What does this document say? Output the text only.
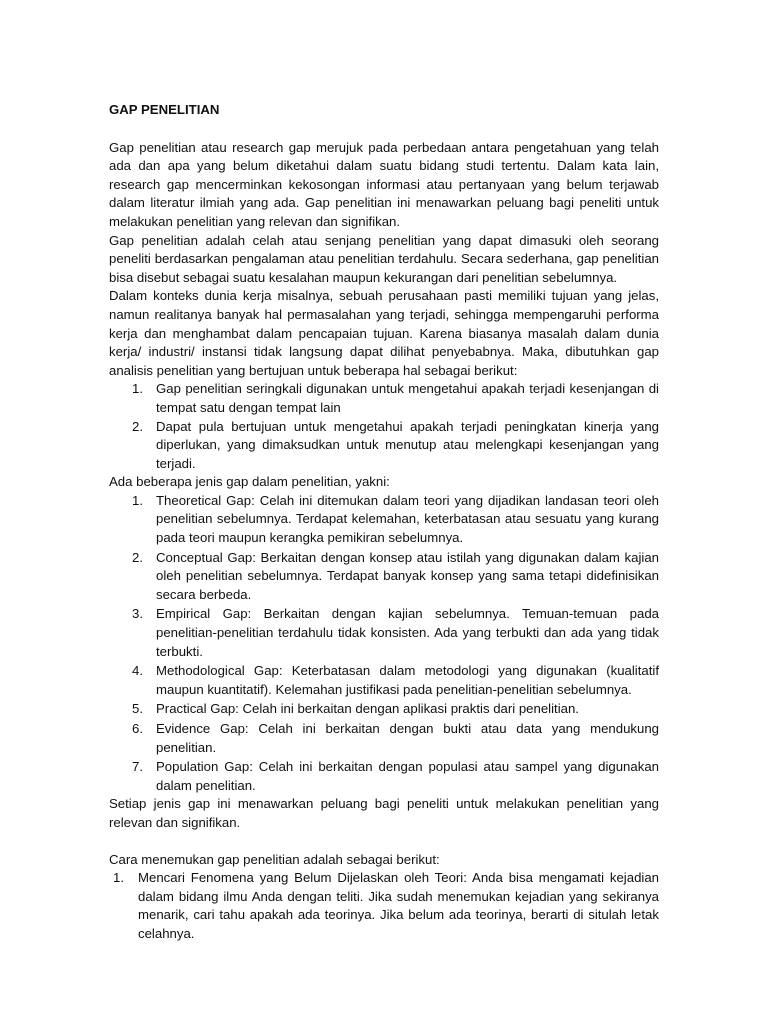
GAP PENELITIAN

Gap penelitian atau research gap merujuk pada perbedaan antara pengetahuan yang telah ada dan apa yang belum diketahui dalam suatu bidang studi tertentu. Dalam kata lain, research gap mencerminkan kekosongan informasi atau pertanyaan yang belum terjawab dalam literatur ilmiah yang ada. Gap penelitian ini menawarkan peluang bagi peneliti untuk melakukan penelitian yang relevan dan signifikan.

Gap penelitian adalah celah atau senjang penelitian yang dapat dimasuki oleh seorang peneliti berdasarkan pengalaman atau penelitian terdahulu. Secara sederhana, gap penelitian bisa disebut sebagai suatu kesalahan maupun kekurangan dari penelitian sebelumnya.

Dalam konteks dunia kerja misalnya, sebuah perusahaan pasti memiliki tujuan yang jelas, namun realitanya banyak hal permasalahan yang terjadi, sehingga mempengaruhi performa kerja dan menghambat dalam pencapaian tujuan. Karena biasanya masalah dalam dunia kerja/ industri/ instansi tidak langsung dapat dilihat penyebabnya. Maka, dibutuhkan gap analisis penelitian yang bertujuan untuk beberapa hal sebagai berikut:

1. Gap penelitian seringkali digunakan untuk mengetahui apakah terjadi kesenjangan di tempat satu dengan tempat lain
2. Dapat pula bertujuan untuk mengetahui apakah terjadi peningkatan kinerja yang diperlukan, yang dimaksudkan untuk menutup atau melengkapi kesenjangan yang terjadi.

Ada beberapa jenis gap dalam penelitian, yakni:

1. Theoretical Gap: Celah ini ditemukan dalam teori yang dijadikan landasan teori oleh penelitian sebelumnya. Terdapat kelemahan, keterbatasan atau sesuatu yang kurang pada teori maupun kerangka pemikiran sebelumnya.
2. Conceptual Gap: Berkaitan dengan konsep atau istilah yang digunakan dalam kajian oleh penelitian sebelumnya. Terdapat banyak konsep yang sama tetapi didefinisikan secara berbeda.
3. Empirical Gap: Berkaitan dengan kajian sebelumnya. Temuan-temuan pada penelitian-penelitian terdahulu tidak konsisten. Ada yang terbukti dan ada yang tidak terbukti.
4. Methodological Gap: Keterbatasan dalam metodologi yang digunakan (kualitatif maupun kuantitatif). Kelemahan justifikasi pada penelitian-penelitian sebelumnya.
5. Practical Gap: Celah ini berkaitan dengan aplikasi praktis dari penelitian.
6. Evidence Gap: Celah ini berkaitan dengan bukti atau data yang mendukung penelitian.
7. Population Gap: Celah ini berkaitan dengan populasi atau sampel yang digunakan dalam penelitian.

Setiap jenis gap ini menawarkan peluang bagi peneliti untuk melakukan penelitian yang relevan dan signifikan.

Cara menemukan gap penelitian adalah sebagai berikut:

1. Mencari Fenomena yang Belum Dijelaskan oleh Teori: Anda bisa mengamati kejadian dalam bidang ilmu Anda dengan teliti. Jika sudah menemukan kejadian yang sekiranya menarik, cari tahu apakah ada teorinya. Jika belum ada teorinya, berarti di situlah letak celahnya.
